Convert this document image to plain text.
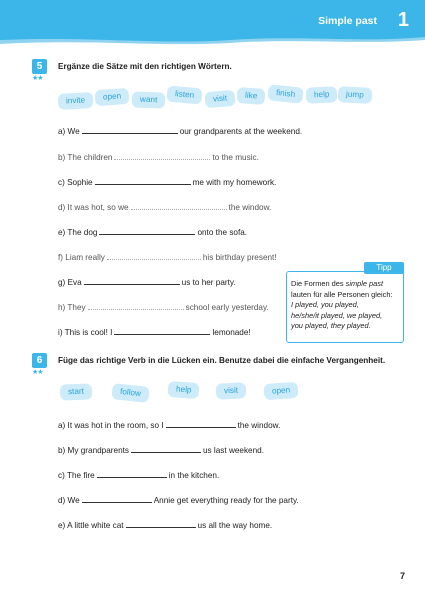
Simple past 1
5
★★
Ergänze die Sätze mit den richtigen Wörtern.
invite	open	want	listen	visit	like	finish	help	jump
a) We	our grandparents at the weekend.
b) The children	to the music.
c) Sophie	me with my homework.
d) It was hot, so we	the window.
e) The dog	onto the sofa.
f) Liam really	his birthday present!
g) Eva	us to her party.
h) They	school early yesterday.
i) This is cool! I	lemonade!
Tipp
Die Formen des simple past
lauten für alle Personen gleich:
I played, you played,
he/she/it played, we played,
you played, they played.
6
★★
Füge das richtige Verb in die Lücken ein. Benutze dabei die einfache Vergangenheit.
start	follow	help	visit	open
a) It was hot in the room, so I	the window.
b) My grandparents	us last weekend.
c) The fire	in the kitchen.
d) We	Annie get everything ready for the party.
e) A little white cat	us all the way home.
7
